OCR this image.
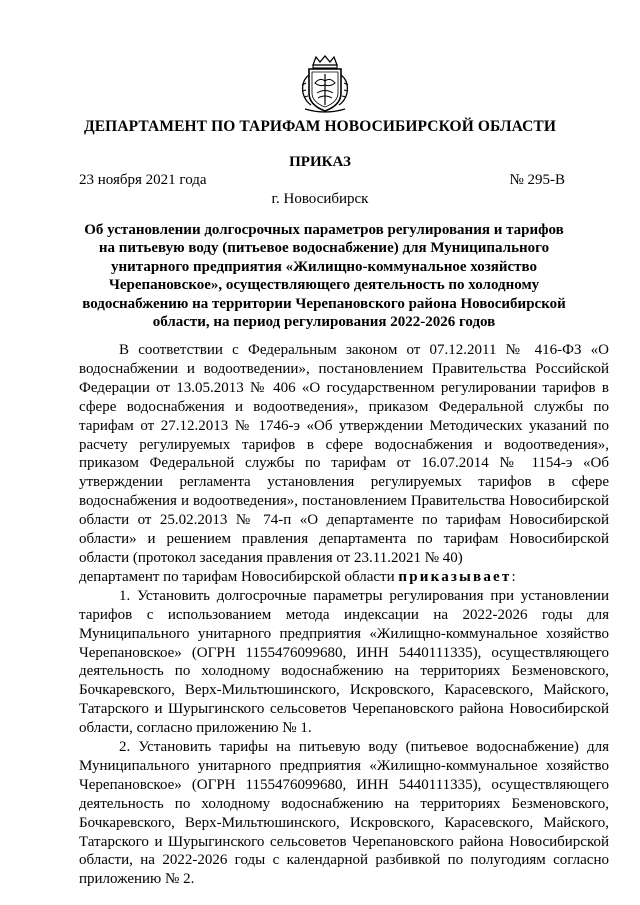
ДЕПАРТАМЕНТ ПО ТАРИФАМ НОВОСИБИРСКОЙ ОБЛАСТИ
ПРИКАЗ
23 ноября 2021 года	№ 295-В
г. Новосибирск
Об установлении долгосрочных параметров регулирования и тарифов на питьевую воду (питьевое водоснабжение) для Муниципального унитарного предприятия «Жилищно-коммунальное хозяйство Черепановское», осуществляющего деятельность по холодному водоснабжению на территории Черепановского района Новосибирской области, на период регулирования 2022-2026 годов

В соответствии с Федеральным законом от 07.12.2011 № 416-ФЗ «О водоснабжении и водоотведении», постановлением Правительства Российской Федерации от 13.05.2013 № 406 «О государственном регулировании тарифов в сфере водоснабжения и водоотведения», приказом Федеральной службы по тарифам от 27.12.2013 № 1746-э «Об утверждении Методических указаний по расчету регулируемых тарифов в сфере водоснабжения и водоотведения», приказом Федеральной службы по тарифам от 16.07.2014 № 1154-э «Об утверждении регламента установления регулируемых тарифов в сфере водоснабжения и водоотведения», постановлением Правительства Новосибирской области от 25.02.2013 № 74-п «О департаменте по тарифам Новосибирской области» и решением правления департамента по тарифам Новосибирской области (протокол заседания правления от 23.11.2021 № 40)

департамент по тарифам Новосибирской области приказывает:

1. Установить долгосрочные параметры регулирования при установлении тарифов с использованием метода индексации на 2022-2026 годы для Муниципального унитарного предприятия «Жилищно-коммунальное хозяйство Черепановское» (ОГРН 1155476099680, ИНН 5440111335), осуществляющего деятельность по холодному водоснабжению на территориях Безменовского, Бочкаревского, Верх-Мильтюшинского, Искровского, Карасевского, Майского, Татарского и Шурыгинского сельсоветов Черепановского района Новосибирской области, согласно приложению № 1.

2. Установить тарифы на питьевую воду (питьевое водоснабжение) для Муниципального унитарного предприятия «Жилищно-коммунальное хозяйство Черепановское» (ОГРН 1155476099680, ИНН 5440111335), осуществляющего деятельность по холодному водоснабжению на территориях Безменовского, Бочкаревского, Верх-Мильтюшинского, Искровского, Карасевского, Майского, Татарского и Шурыгинского сельсоветов Черепановского района Новосибирской области, на 2022-2026 годы с календарной разбивкой по полугодиям согласно приложению № 2.
